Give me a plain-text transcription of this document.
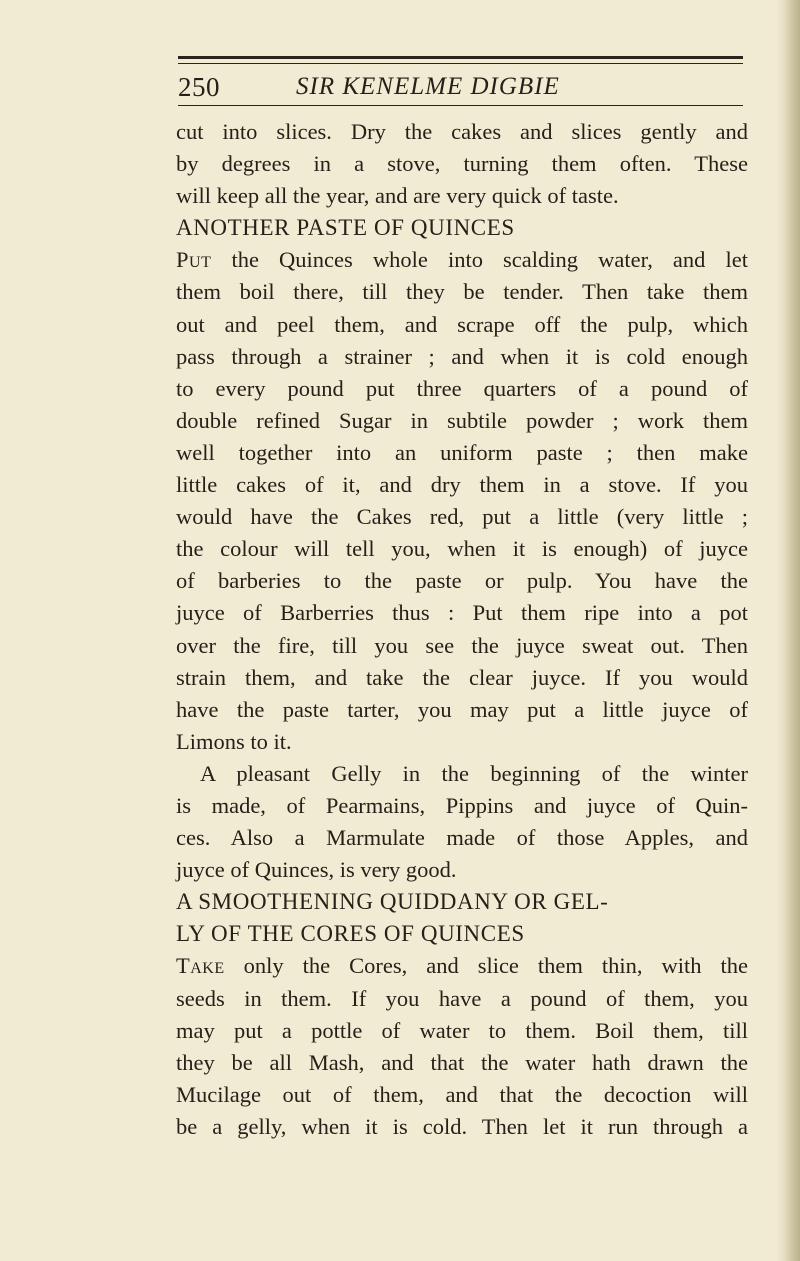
250	SIR KENELME DIGBIE
cut into slices. Dry the cakes and slices gently and
by degrees in a stove, turning them often. These
will keep all the year, and are very quick of taste.
ANOTHER PASTE OF QUINCES
Put the Quinces whole into scalding water, and let
them boil there, till they be tender. Then take them
out and peel them, and scrape off the pulp, which
pass through a strainer ; and when it is cold enough
to every pound put three quarters of a pound of
double refined Sugar in subtile powder ; work them
well together into an uniform paste ; then make
little cakes of it, and dry them in a stove. If you
would have the Cakes red, put a little (very little ;
the colour will tell you, when it is enough) of juyce
of barberies to the paste or pulp. You have the
juyce of Barberries thus : Put them ripe into a pot
over the fire, till you see the juyce sweat out. Then
strain them, and take the clear juyce. If you would
have the paste tarter, you may put a little juyce of
Limons to it.
A pleasant Gelly in the beginning of the winter
is made, of Pearmains, Pippins and juyce of Quin-
ces. Also a Marmulate made of those Apples, and
juyce of Quinces, is very good.
A SMOOTHENING QUIDDANY OR GEL-
LY OF THE CORES OF QUINCES
Take only the Cores, and slice them thin, with the
seeds in them. If you have a pound of them, you
may put a pottle of water to them. Boil them, till
they be all Mash, and that the water hath drawn the
Mucilage out of them, and that the decoction will
be a gelly, when it is cold. Then let it run through a
